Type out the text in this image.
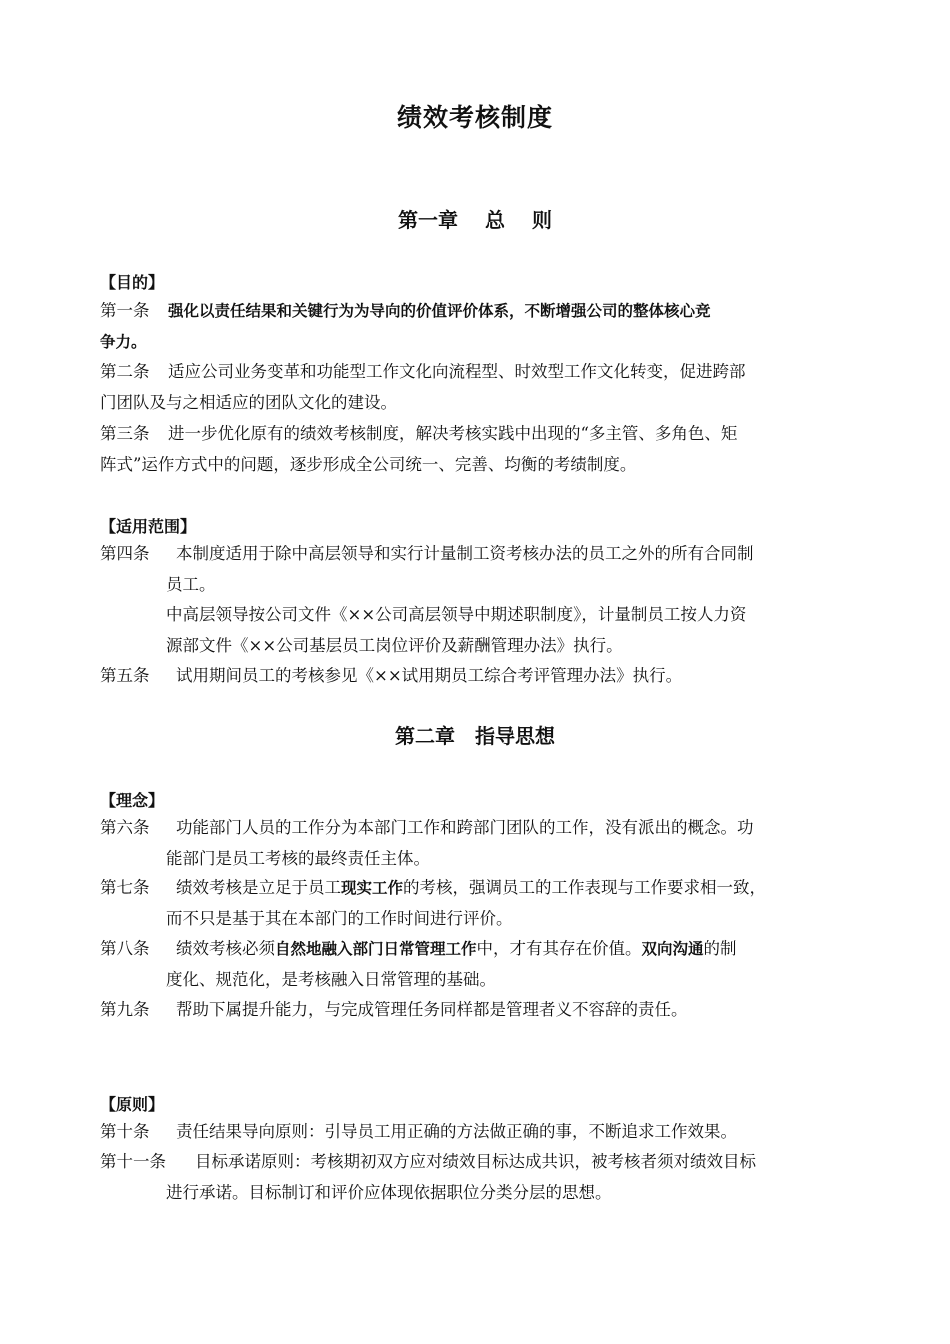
绩效考核制度
第一章　 总　 则
【目的】
第一条 强化以责任结果和关键行为为导向的价值评价体系，不断增强公司的整体核心竞
争力。
第二条 适应公司业务变革和功能型工作文化向流程型、时效型工作文化转变，促进跨部
门团队及与之相适应的团队文化的建设。
第三条 进一步优化原有的绩效考核制度，解决考核实践中出现的“多主管、多角色、矩
阵式”运作方式中的问题，逐步形成全公司统一、完善、均衡的考绩制度。
【适用范围】
第四条 本制度适用于除中高层领导和实行计量制工资考核办法的员工之外的所有合同制
员工。
中高层领导按公司文件《××公司高层领导中期述职制度》，计量制员工按人力资
源部文件《××公司基层员工岗位评价及薪酬管理办法》执行。
第五条 试用期间员工的考核参见《××试用期员工综合考评管理办法》执行。
第二章　指导思想
【理念】
第六条 功能部门人员的工作分为本部门工作和跨部门团队的工作，没有派出的概念。功
能部门是员工考核的最终责任主体。
第七条 绩效考核是立足于员工现实工作的考核，强调员工的工作表现与工作要求相一致，
而不只是基于其在本部门的工作时间进行评价。
第八条 绩效考核必须自然地融入部门日常管理工作中，才有其存在价值。双向沟通的制
度化、规范化，是考核融入日常管理的基础。
第九条 帮助下属提升能力，与完成管理任务同样都是管理者义不容辞的责任。
【原则】
第十条 责任结果导向原则：引导员工用正确的方法做正确的事，不断追求工作效果。
第十一条 目标承诺原则：考核期初双方应对绩效目标达成共识，被考核者须对绩效目标
进行承诺。目标制订和评价应体现依据职位分类分层的思想。
